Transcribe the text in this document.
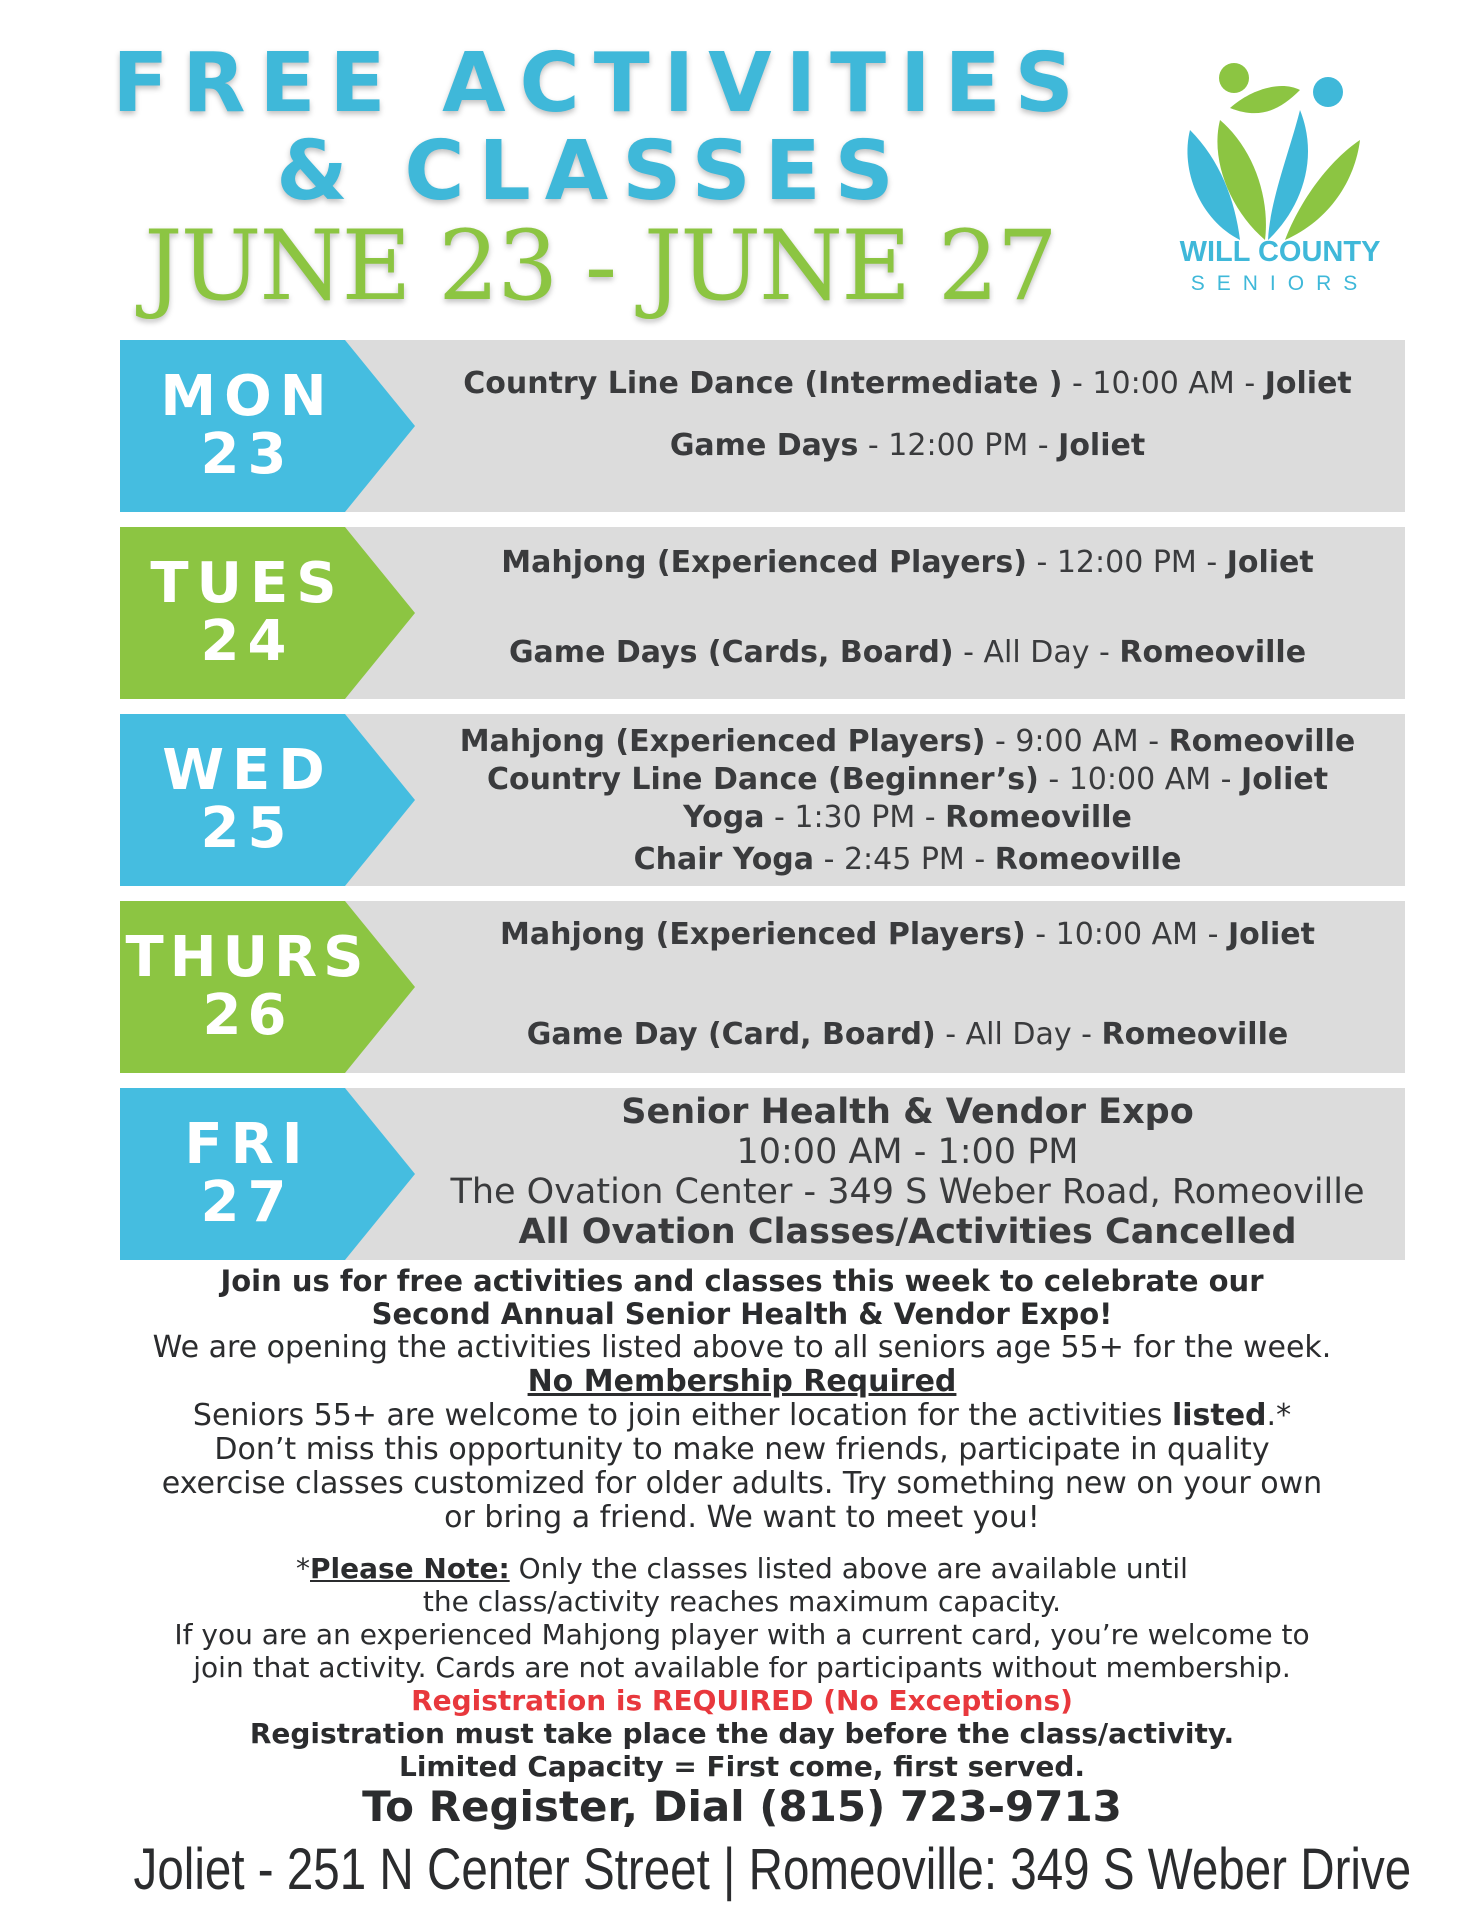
FREE ACTIVITIES
& CLASSES
JUNE 23 - JUNE 27	WILL COUNTY
SENIORS
MON
23
Country Line Dance (Intermediate ) - 10:00 AM - Joliet
Game Days - 12:00 PM - Joliet
TUES
24
Mahjong (Experienced Players) - 12:00 PM - Joliet
Game Days (Cards, Board) - All Day - Romeoville
WED
25
Mahjong (Experienced Players) - 9:00 AM - Romeoville
Country Line Dance (Beginner’s) - 10:00 AM - Joliet
Yoga - 1:30 PM - Romeoville
Chair Yoga - 2:45 PM - Romeoville
THURS
26
Mahjong (Experienced Players) - 10:00 AM - Joliet
Game Day (Card, Board) - All Day - Romeoville
FRI
27
Senior Health & Vendor Expo
10:00 AM - 1:00 PM
The Ovation Center - 349 S Weber Road, Romeoville
All Ovation Classes/Activities Cancelled
Join us for free activities and classes this week to celebrate our
Second Annual Senior Health & Vendor Expo!
We are opening the activities listed above to all seniors age 55+ for the week.
No Membership Required
Seniors 55+ are welcome to join either location for the activities listed.*
Don’t miss this opportunity to make new friends, participate in quality
exercise classes customized for older adults. Try something new on your own
or bring a friend. We want to meet you!
*Please Note: Only the classes listed above are available until
the class/activity reaches maximum capacity.
If you are an experienced Mahjong player with a current card, you’re welcome to
join that activity. Cards are not available for participants without membership.
Registration is REQUIRED (No Exceptions)
Registration must take place the day before the class/activity.
Limited Capacity = First come, first served.
To Register, Dial (815) 723-9713
Joliet - 251 N Center Street | Romeoville: 349 S Weber Drive
